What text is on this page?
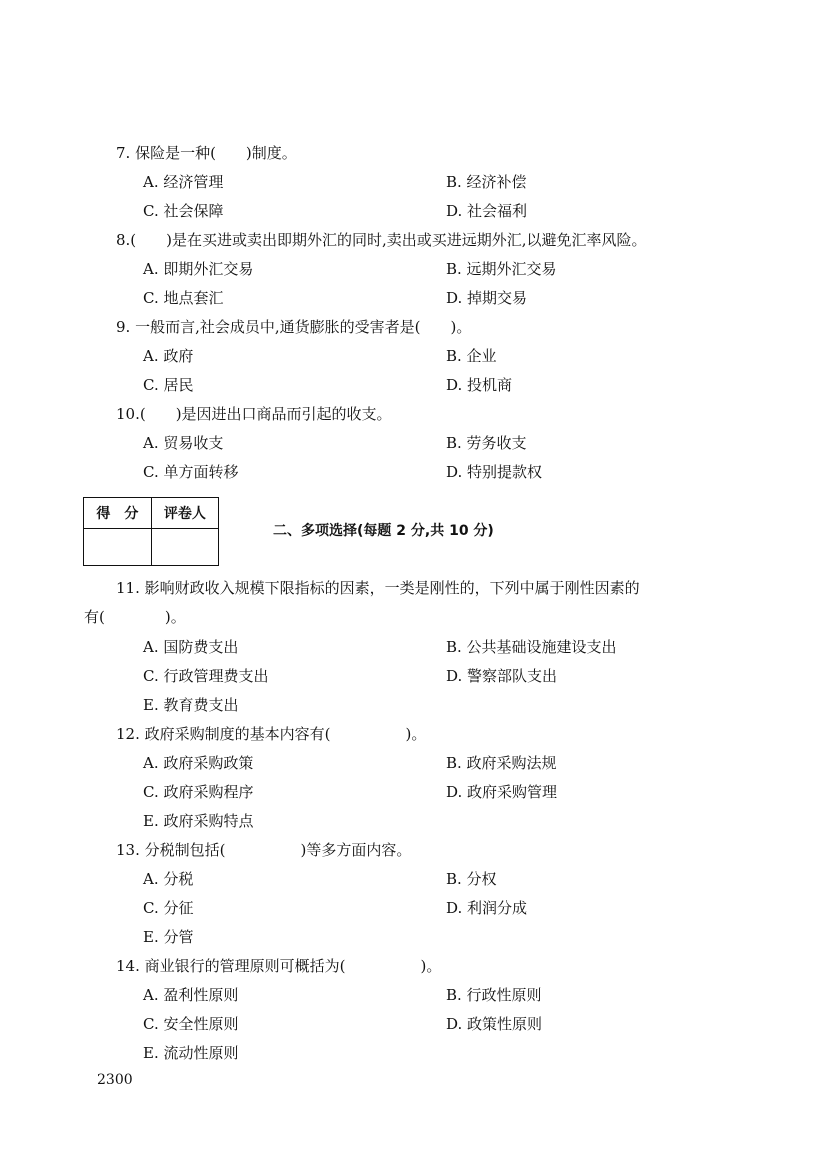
7. 保险是一种(　　)制度。
A. 经济管理	B. 经济补偿
C. 社会保障	D. 社会福利
8.(　　)是在买进或卖出即期外汇的同时,卖出或买进远期外汇,以避免汇率风险。
A. 即期外汇交易	B. 远期外汇交易
C. 地点套汇	D. 掉期交易
9. 一般而言,社会成员中,通货膨胀的受害者是(　　)。
A. 政府	B. 企业
C. 居民	D. 投机商
10.(　　)是因进出口商品而引起的收支。
A. 贸易收支	B. 劳务收支
C. 单方面转移	D. 特别提款权
得　分	评卷人

二、多项选择(每题 2 分,共 10 分)
11. 影响财政收入规模下限指标的因素，一类是刚性的，下列中属于刚性因素的
有(　　　　)。
A. 国防费支出	B. 公共基础设施建设支出
C. 行政管理费支出	D. 警察部队支出
E. 教育费支出
12. 政府采购制度的基本内容有(　　　　　)。
A. 政府采购政策	B. 政府采购法规
C. 政府采购程序	D. 政府采购管理
E. 政府采购特点
13. 分税制包括(　　　　　)等多方面内容。
A. 分税	B. 分权
C. 分征	D. 利润分成
E. 分管
14. 商业银行的管理原则可概括为(　　　　　)。
A. 盈利性原则	B. 行政性原则
C. 安全性原则	D. 政策性原则
E. 流动性原则
2300
